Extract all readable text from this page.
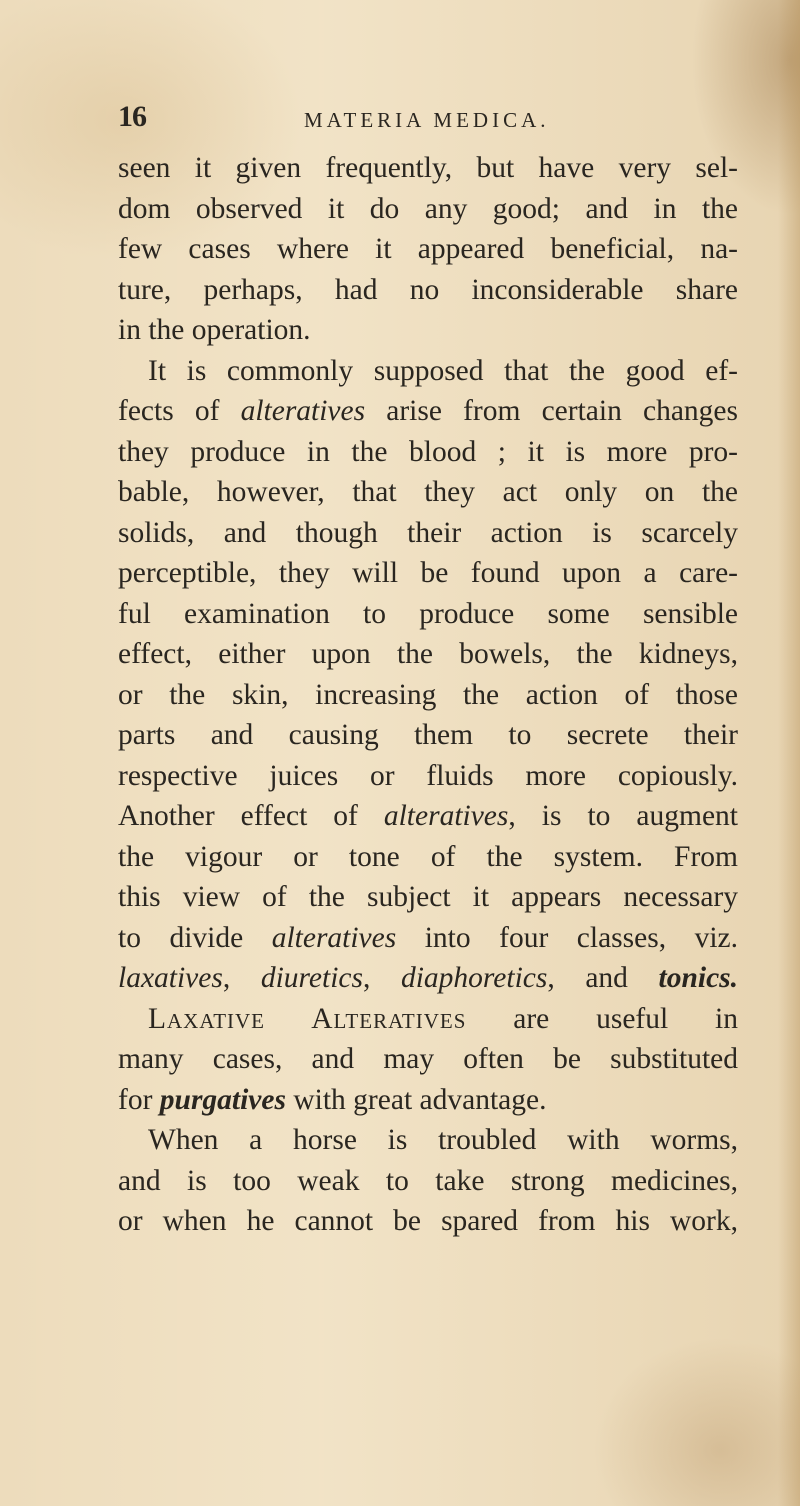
16	MATERIA MEDICA.
seen it given frequently, but have very sel-
dom observed it do any good; and in the
few cases where it appeared beneficial, na-
ture, perhaps, had no inconsiderable share
in the operation.
It is commonly supposed that the good ef-
fects of alteratives arise from certain changes
they produce in the blood ; it is more pro-
bable, however, that they act only on the
solids, and though their action is scarcely
perceptible, they will be found upon a care-
ful examination to produce some sensible
effect, either upon the bowels, the kidneys,
or the skin, increasing the action of those
parts and causing them to secrete their
respective juices or fluids more copiously.
Another effect of alteratives, is to augment
the vigour or tone of the system. From
this view of the subject it appears necessary
to divide alteratives into four classes, viz.
laxatives, diuretics, diaphoretics, and tonics.
Laxative Alteratives are useful in
many cases, and may often be substituted
for purgatives with great advantage.
When a horse is troubled with worms,
and is too weak to take strong medicines,
or when he cannot be spared from his work,
